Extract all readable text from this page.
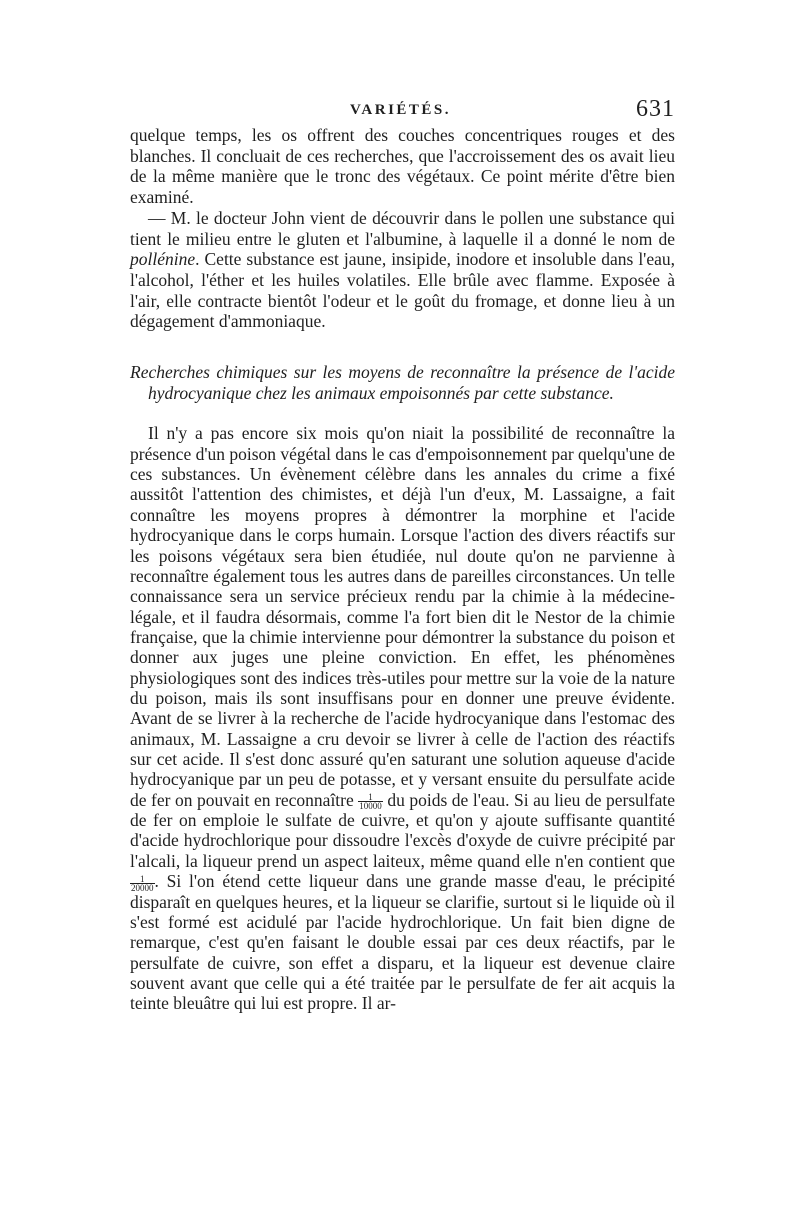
VARIÉTÉS.	631

quelque temps, les os offrent des couches concentriques rouges et des blanches. Il concluait de ces recherches, que l'accroissement des os avait lieu de la même manière que le tronc des végétaux. Ce point mérite d'être bien examiné.

— M. le docteur John vient de découvrir dans le pollen une substance qui tient le milieu entre le gluten et l'albumine, à laquelle il a donné le nom de pollénine. Cette substance est jaune, insipide, inodore et insoluble dans l'eau, l'alcohol, l'éther et les huiles volatiles. Elle brûle avec flamme. Exposée à l'air, elle contracte bientôt l'odeur et le goût du fromage, et donne lieu à un dégagement d'ammoniaque.

Recherches chimiques sur les moyens de reconnaître la présence de l'acide hydrocyanique chez les animaux empoisonnés par cette substance.

Il n'y a pas encore six mois qu'on niait la possibilité de reconnaître la présence d'un poison végétal dans le cas d'empoisonnement par quelqu'une de ces substances. Un évènement célèbre dans les annales du crime a fixé aussitôt l'attention des chimistes, et déjà l'un d'eux, M. Lassaigne, a fait connaître les moyens propres à démontrer la morphine et l'acide hydrocyanique dans le corps humain. Lorsque l'action des divers réactifs sur les poisons végétaux sera bien étudiée, nul doute qu'on ne parvienne à reconnaître également tous les autres dans de pareilles circonstances. Un telle connaissance sera un service précieux rendu par la chimie à la médecine-légale, et il faudra désormais, comme l'a fort bien dit le Nestor de la chimie française, que la chimie intervienne pour démontrer la substance du poison et donner aux juges une pleine conviction. En effet, les phénomènes physiologiques sont des indices très-utiles pour mettre sur la voie de la nature du poison, mais ils sont insuffisans pour en donner une preuve évidente. Avant de se livrer à la recherche de l'acide hydrocyanique dans l'estomac des animaux, M. Lassaigne a cru devoir se livrer à celle de l'action des réactifs sur cet acide. Il s'est donc assuré qu'en saturant une solution aqueuse d'acide hydrocyanique par un peu de potasse, et y versant ensuite du persulfate acide de fer on pouvait en reconnaître $\frac{1}{10000}$ du poids de l'eau. Si au lieu de persulfate de fer on emploie le sulfate de cuivre, et qu'on y ajoute suffisante quantité d'acide hydrochlorique pour dissoudre l'excès d'oxyde de cuivre précipité par l'alcali, la liqueur prend un aspect laiteux, même quand elle n'en contient que
$\frac{1}{20000}$ . Si l'on étend cette liqueur dans une grande masse d'eau, le précipité disparaît en quelques heures, et la liqueur se clarifie, surtout si le liquide où il s'est formé est acidulé par l'acide hydrochlorique. Un fait bien digne de remarque, c'est qu'en faisant le double essai par ces deux réactifs, par le persulfate de cuivre, son effet a disparu, et la liqueur est devenue claire souvent avant que celle qui a été traitée par le persulfate de fer ait acquis la teinte bleuâtre qui lui est propre. Il ar-
